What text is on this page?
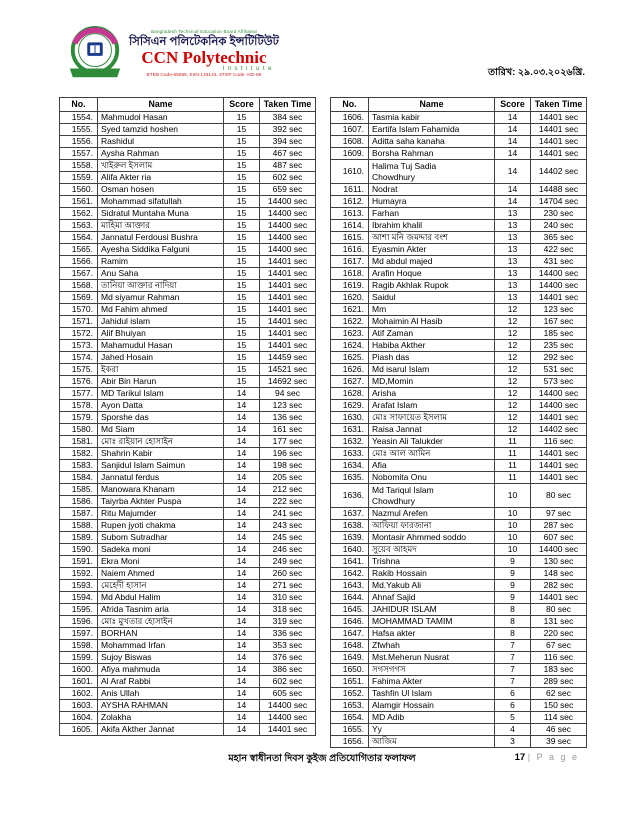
Bangladesh Technical Education Board Affiliated
সিসিএন পলিটেকনিক ইন্সটিটিউট
CCN Polytechnic
Institute
BTEB Code-65055, EIIN-133143, STEP Code- NG-86	তারিখ: ২৯.০৩.২০২৬খ্রি.
No.	Name	Score	Taken Time
1554.	Mahmudol Hasan	15	384 sec
1555.	Syed tamzid hoshen	15	392 sec
1556.	Rashidul	15	394 sec
1557.	Aysha Rahman	15	467 sec
1558.	খাইরুল ইসলাম	15	487 sec
1559.	Alifa Akter ria	15	602 sec
1560.	Osman hosen	15	659 sec
1561.	Mohammad sifatullah	15	14400 sec
1562.	Sidratul Muntaha Muna	15	14400 sec
1563.	মাহিমা আক্তার	15	14400 sec
1564.	Jannatul Ferdousi Bushra	15	14400 sec
1565.	Ayesha Siddika Falguni	15	14400 sec
1566.	Ramim	15	14401 sec
1567.	Anu Saha	15	14401 sec
1568.	তানিয়া আক্তার নাদিয়া	15	14401 sec
1569.	Md siyamur Rahman	15	14401 sec
1570.	Md Fahim ahmed	15	14401 sec
1571.	Jahidul islam	15	14401 sec
1572.	Alif Bhuiyan	15	14401 sec
1573.	Mahamudul Hasan	15	14401 sec
1574.	Jahed Hosain	15	14459 sec
1575.	ইকরা	15	14521 sec
1576.	Abir Bin Harun	15	14692 sec
1577.	MD Tarikul Islam	14	94 sec
1578.	Ayon Datta	14	123 sec
1579.	Sporshe das	14	136 sec
1580.	Md Siam	14	161 sec
1581.	মোঃ রাইয়ান হোসাইন	14	177 sec
1582.	Shahrin Kabir	14	196 sec
1583.	Sanjidul Islam Saimun	14	198 sec
1584.	Jannatul ferdus	14	205 sec
1585.	Manowara Khanam	14	212 sec
1586.	Taiyrba Akhter Puspa	14	222 sec
1587.	Ritu Majumder	14	241 sec
1588.	Rupen jyoti chakma	14	243 sec
1589.	Subom Sutradhar	14	245 sec
1590.	Sadeka moni	14	246 sec
1591.	Ekra Moni	14	249 sec
1592.	Naiem Ahmed	14	260 sec
1593.	মেহেদী হাসান	14	271 sec
1594.	Md Abdul Halim	14	310 sec
1595.	Afrida Tasnim aria	14	318 sec
1596.	মোঃ মুখতার হোসাইন	14	319 sec
1597.	BORHAN	14	336 sec
1598.	Mohammad Irfan	14	353 sec
1599.	Sujoy Biswas	14	376 sec
1600.	Afiya mahmuda	14	386 sec
1601.	Al Araf Rabbi	14	602 sec
1602.	Anis Ullah	14	605 sec
1603.	AYSHA RAHMAN	14	14400 sec
1604.	Zolakha	14	14400 sec
1605.	Akifa Akther Jannat	14	14401 sec
No.	Name	Score	Taken Time
1606.	Tasmia kabir	14	14401 sec
1607.	Eartifa Islam Fahamida	14	14401 sec
1608.	Aditta saha kanaha	14	14401 sec
1609.	Borsha Rahman	14	14401 sec
1610.	Halima Tuj Sadia
Chowdhury	14	14402 sec
1611.	Nodrat	14	14488 sec
1612.	Humayra	14	14704 sec
1613.	Farhan	13	230 sec
1614.	Ibrahim khalil	13	240 sec
1615.	আশা মনি জমদ্দার বংশ	13	365 sec
1616.	Eyasmin Akter	13	422 sec
1617.	Md abdul majed	13	431 sec
1618.	Arafin Hoque	13	14400 sec
1619.	Ragib Akhlak Rupok	13	14400 sec
1620.	Saidul	13	14401 sec
1621.	Mm	12	123 sec
1622.	Mohaimin Al Hasib	12	167 sec
1623.	Atif Zaman	12	185 sec
1624.	Habiba Akther	12	235 sec
1625.	Piash das	12	292 sec
1626.	Md isarul Islam	12	531 sec
1627.	MD,Momin	12	573 sec
1628.	Arisha	12	14400 sec
1629.	Arafat Islam	12	14400 sec
1630.	মোঃ সাফায়েত ইসলাম	12	14401 sec
1631.	Raisa Jannat	12	14402 sec
1632.	Yeasin Ali Talukder	11	116 sec
1633.	মোঃ আল আমিন	11	14401 sec
1634.	Afia	11	14401 sec
1635.	Nobomita Onu	11	14401 sec
1636.	Md Tariqul Islam
Chowdhury	10	80 sec
1637.	Nazmul Arefen	10	97 sec
1638.	আফিয়া ফারজানা	10	287 sec
1639.	Montasir Ahmmed soddo	10	607 sec
1640.	সুয়েব আহমদ	10	14400 sec
1641.	Trishna	9	130 sec
1642.	Rakib Hossain	9	148 sec
1643.	Md.Yakub Ali	9	282 sec
1644.	Ahnaf Sajid	9	14401 sec
1645.	JAHIDUR ISLAM	8	80 sec
1646.	MOHAMMAD TAMIM	8	131 sec
1647.	Hafsa akter	8	220 sec
1648.	Zfwhah	7	67 sec
1649.	Mst.Meherun Nusrat	7	116 sec
1650.	সগসগগস	7	183 sec
1651.	Fahima Akter	7	289 sec
1652.	Tashfin Ul Islam	6	62 sec
1653.	Alamgir Hossain	6	150 sec
1654.	MD Adib	5	114 sec
1655.	Yy	4	46 sec
1656.	আজিম	3	39 sec
মহান স্বাধীনতা দিবস কুইজ প্রতিযোগিতার ফলাফল	17 | P a g e
